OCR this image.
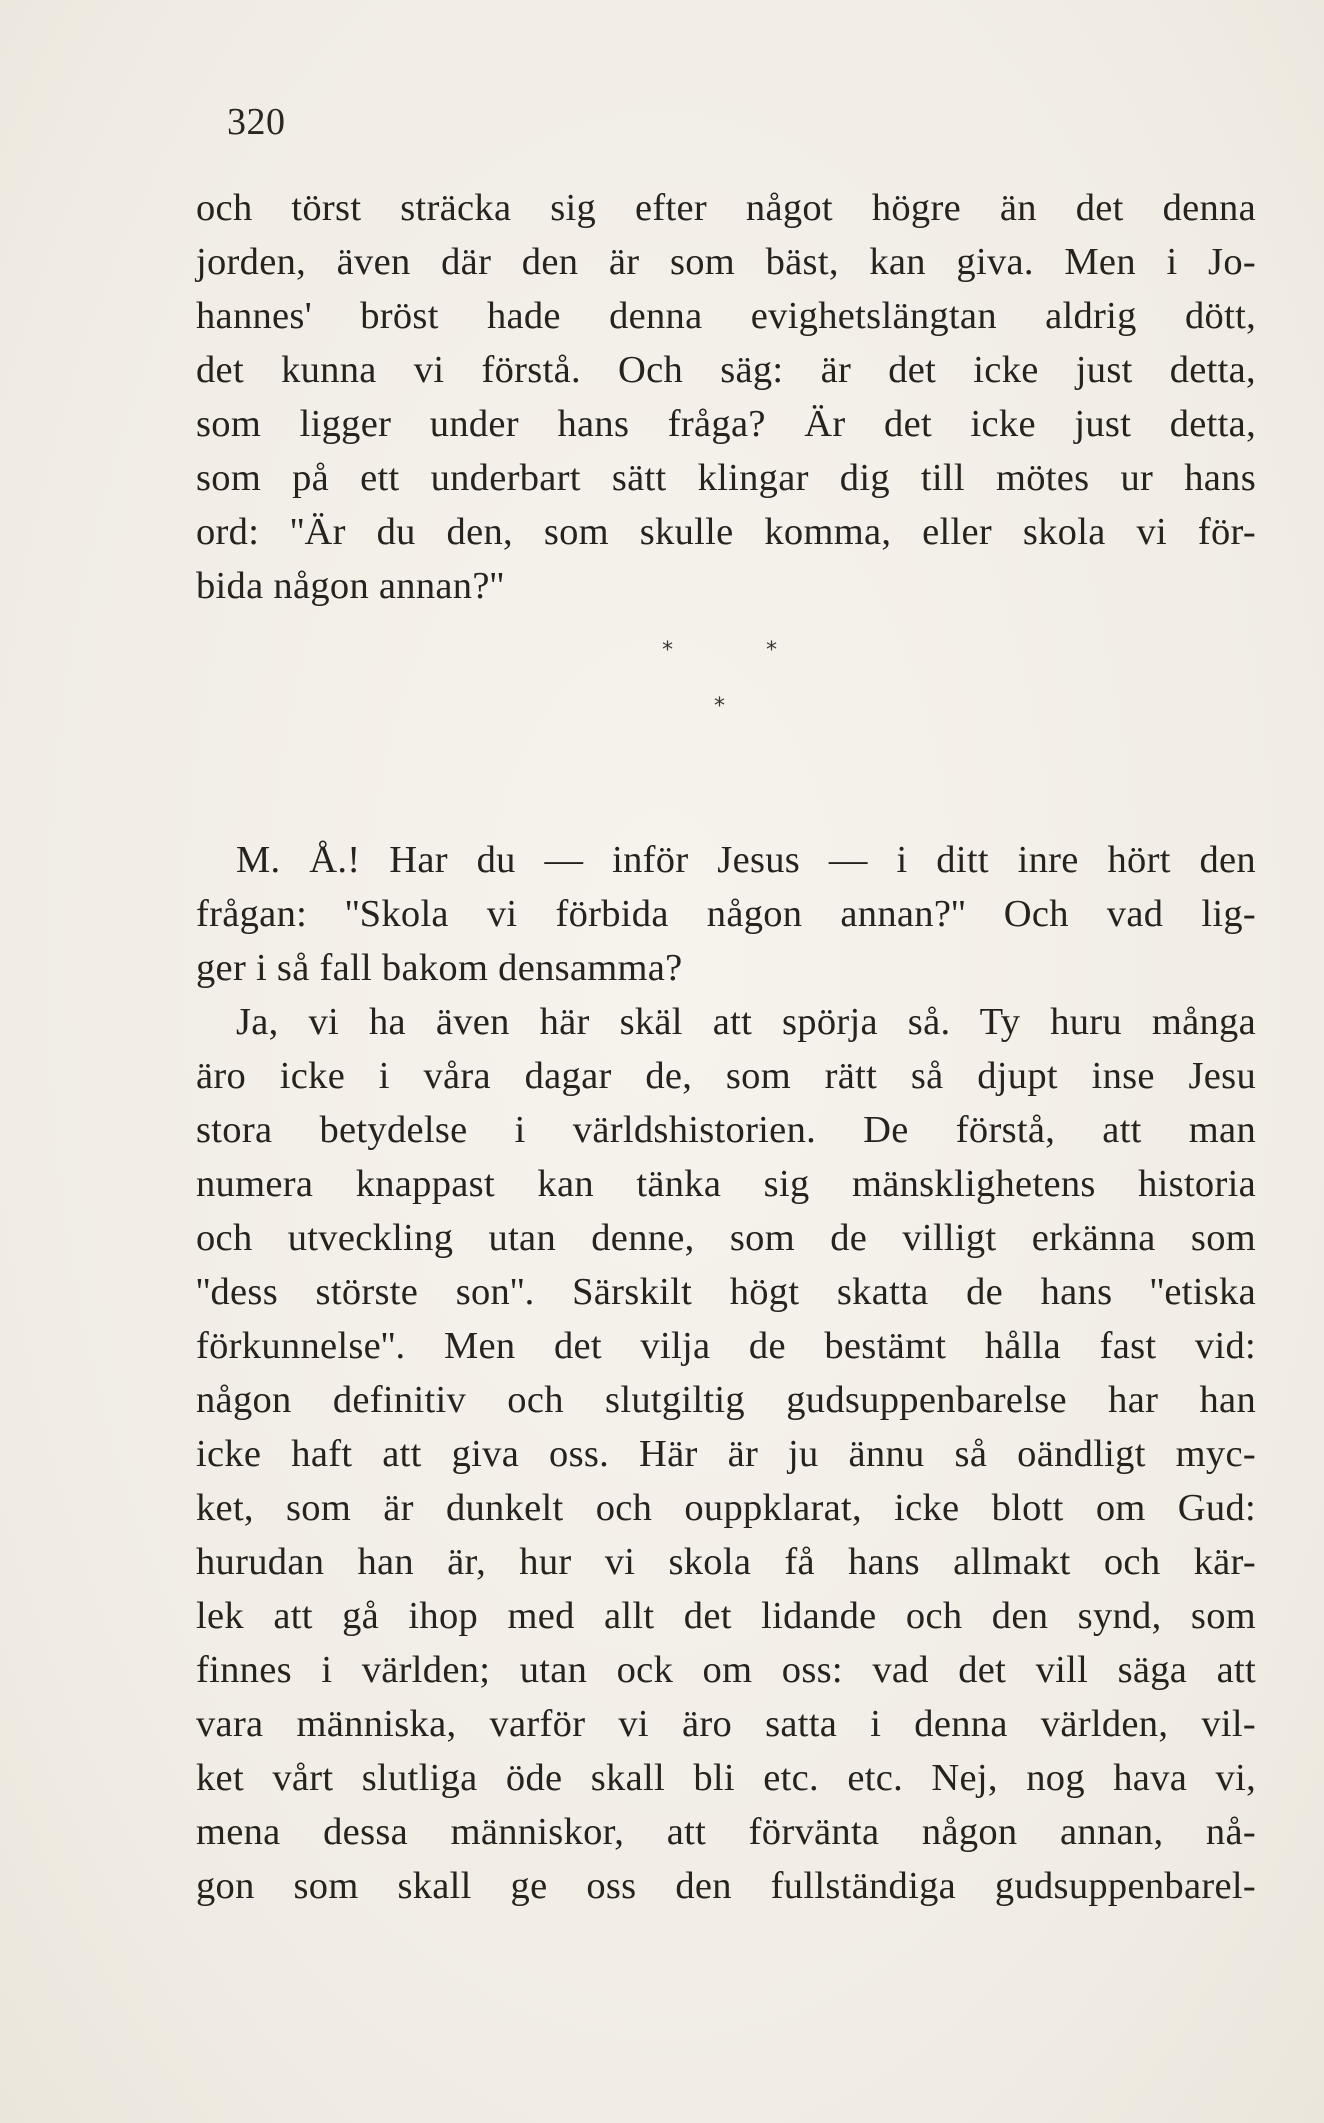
320
och törst sträcka sig efter något högre än det denna
jorden, även där den är som bäst, kan giva. Men i Jo-
hannes' bröst hade denna evighetslängtan aldrig dött,
det kunna vi förstå. Och säg: är det icke just detta,
som ligger under hans fråga? Är det icke just detta,
som på ett underbart sätt klingar dig till mötes ur hans
ord: ''Är du den, som skulle komma, eller skola vi för-
bida någon annan?''
*	*
*
M. Å.! Har du — inför Jesus — i ditt inre hört den
frågan: ''Skola vi förbida någon annan?'' Och vad lig-
ger i så fall bakom densamma?
Ja, vi ha även här skäl att spörja så. Ty huru många
äro icke i våra dagar de, som rätt så djupt inse Jesu
stora betydelse i världshistorien. De förstå, att man
numera knappast kan tänka sig mänsklighetens historia
och utveckling utan denne, som de villigt erkänna som
''dess störste son''. Särskilt högt skatta de hans ''etiska
förkunnelse''. Men det vilja de bestämt hålla fast vid:
någon definitiv och slutgiltig gudsuppenbarelse har han
icke haft att giva oss. Här är ju ännu så oändligt myc-
ket, som är dunkelt och ouppklarat, icke blott om Gud:
hurudan han är, hur vi skola få hans allmakt och kär-
lek att gå ihop med allt det lidande och den synd, som
finnes i världen; utan ock om oss: vad det vill säga att
vara människa, varför vi äro satta i denna världen, vil-
ket vårt slutliga öde skall bli etc. etc. Nej, nog hava vi,
mena dessa människor, att förvänta någon annan, nå-
gon som skall ge oss den fullständiga gudsuppenbarel-
